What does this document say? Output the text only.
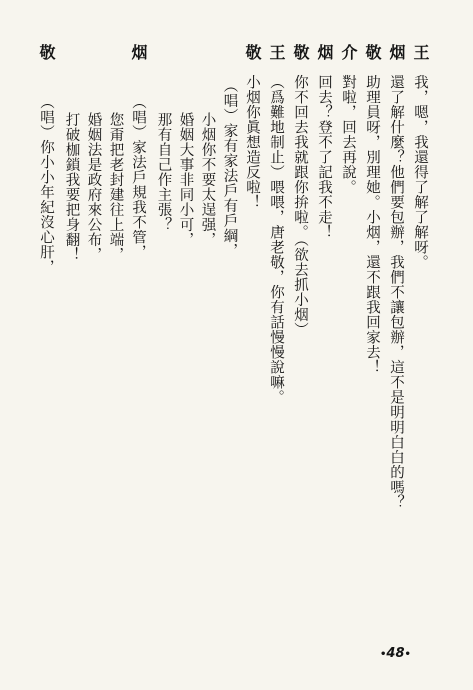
王我，嗯，我還得了解了解呀。
烟還了解什麼？他們要包辦，我們不讓包辦，這不是明明白白的嗎？
敬助理員呀，別理她。小烟，還不跟我回家去！
介對啦，回去再說。
烟回去？登不了記我不走！
敬你不回去我就跟你拚啦。（欲去抓小烟）
王（爲難地制止）喂喂，唐老敬，你有話慢慢說嘛。
敬小烟你眞想造反啦！
（唱）家有家法戶有戶綱，
小烟你不要太逞强，
婚姻大事非同小可，
那有自己作主張？
烟（唱）家法戶規我不管，
您甭把老封建往上端，
婚姻法是政府來公布，
打破枷鎖我要把身翻！
敬（唱）你小小年紀沒心肝，
•48•
